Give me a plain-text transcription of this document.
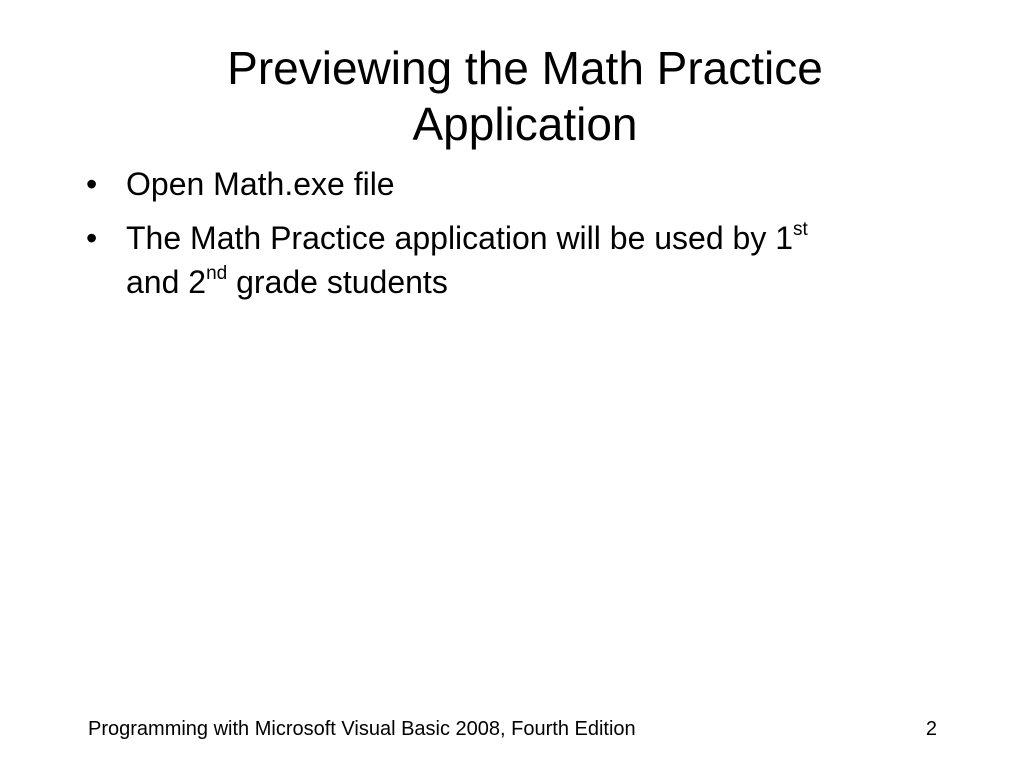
Previewing the Math Practice
Application
• Open Math.exe file
• The Math Practice application will be used by 1st
and 2nd grade students
Programming with Microsoft Visual Basic 2008, Fourth Edition	2
